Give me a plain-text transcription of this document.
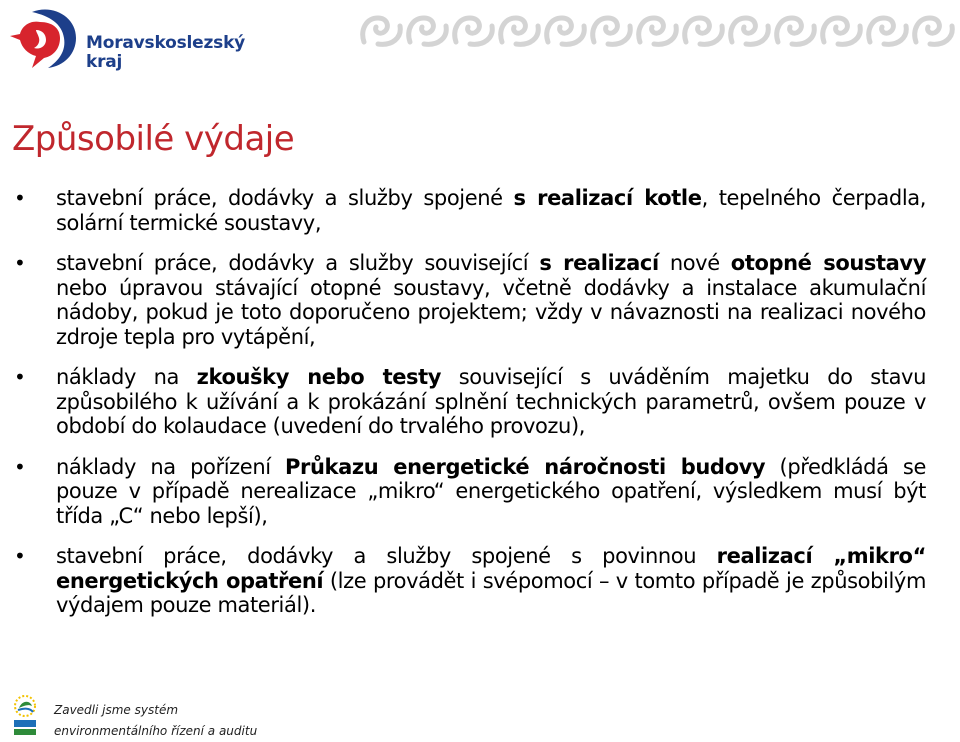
Moravskoslezský
kraj
Způsobilé výdaje
• stavební práce, dodávky a služby spojené s realizací kotle, tepelného čerpadla, solární termické soustavy,
• stavební práce, dodávky a služby související s realizací nové otopné soustavy nebo úpravou stávající otopné soustavy, včetně dodávky a instalace akumulační nádoby, pokud je toto doporučeno projektem; vždy v návaznosti na realizaci nového zdroje tepla pro vytápění,
• náklady na zkoušky nebo testy související s uváděním majetku do stavu způsobilého k užívání a k prokázání splnění technických parametrů, ovšem pouze v období do kolaudace (uvedení do trvalého provozu),
• náklady na pořízení Průkazu energetické náročnosti budovy (předkládá se pouze v případě nerealizace „mikro“ energetického opatření, výsledkem musí být třída „C“ nebo lepší),
• stavební práce, dodávky a služby spojené s povinnou realizací „mikro“ energetických opatření (lze provádět i svépomocí – v tomto případě je způsobilým výdajem pouze materiál).
Zavedli jsme systém
environmentálního řízení a auditu
